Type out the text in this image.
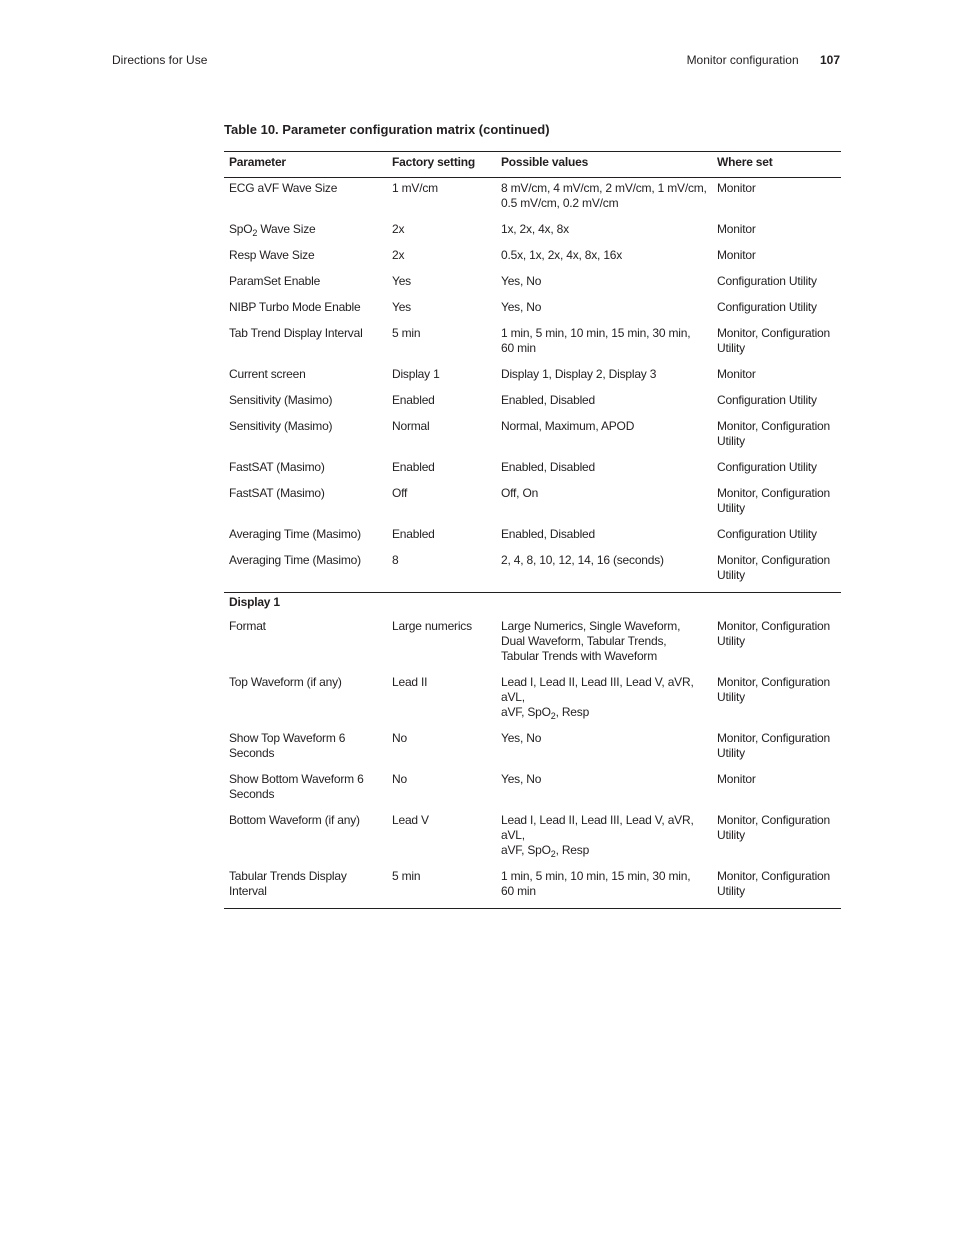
Directions for Use	Monitor configuration 107
Table 10. Parameter configuration matrix (continued)
Parameter	Factory setting	Possible values	Where set
ECG aVF Wave Size	1 mV/cm	8 mV/cm, 4 mV/cm, 2 mV/cm, 1 mV/cm,
0.5 mV/cm, 0.2 mV/cm	Monitor
SpO$_2$ Wave Size	2x	1x, 2x, 4x, 8x	Monitor
Resp Wave Size	2x	0.5x, 1x, 2x, 4x, 8x, 16x	Monitor
ParamSet Enable	Yes	Yes, No	Configuration Utility
NIBP Turbo Mode Enable	Yes	Yes, No	Configuration Utility
Tab Trend Display Interval	5 min	1 min, 5 min, 10 min, 15 min, 30 min,
60 min	Monitor, Configuration
Utility
Current screen	Display 1	Display 1, Display 2, Display 3	Monitor
Sensitivity (Masimo)	Enabled	Enabled, Disabled	Configuration Utility
Sensitivity (Masimo)	Normal	Normal, Maximum, APOD	Monitor, Configuration
Utility
FastSAT (Masimo)	Enabled	Enabled, Disabled	Configuration Utility
FastSAT (Masimo)	Off	Off, On	Monitor, Configuration
Utility
Averaging Time (Masimo)	Enabled	Enabled, Disabled	Configuration Utility
Averaging Time (Masimo)	8	2, 4, 8, 10, 12, 14, 16 (seconds)	Monitor, Configuration
Utility
Display 1			
Format	Large numerics	Large Numerics, Single Waveform,
Dual Waveform, Tabular Trends,
Tabular Trends with Waveform	Monitor, Configuration
Utility
Top Waveform (if any)	Lead II	Lead I, Lead II, Lead III, Lead V, aVR, aVL,
aVF, SpO$_2$, Resp	Monitor, Configuration
Utility
Show Top Waveform 6
Seconds	No	Yes, No	Monitor, Configuration
Utility
Show Bottom Waveform 6
Seconds	No	Yes, No	Monitor
Bottom Waveform (if any)	Lead V	Lead I, Lead II, Lead III, Lead V, aVR, aVL,
aVF, SpO$_2$, Resp	Monitor, Configuration
Utility
Tabular Trends Display
Interval	5 min	1 min, 5 min, 10 min, 15 min, 30 min,
60 min	Monitor, Configuration
Utility
